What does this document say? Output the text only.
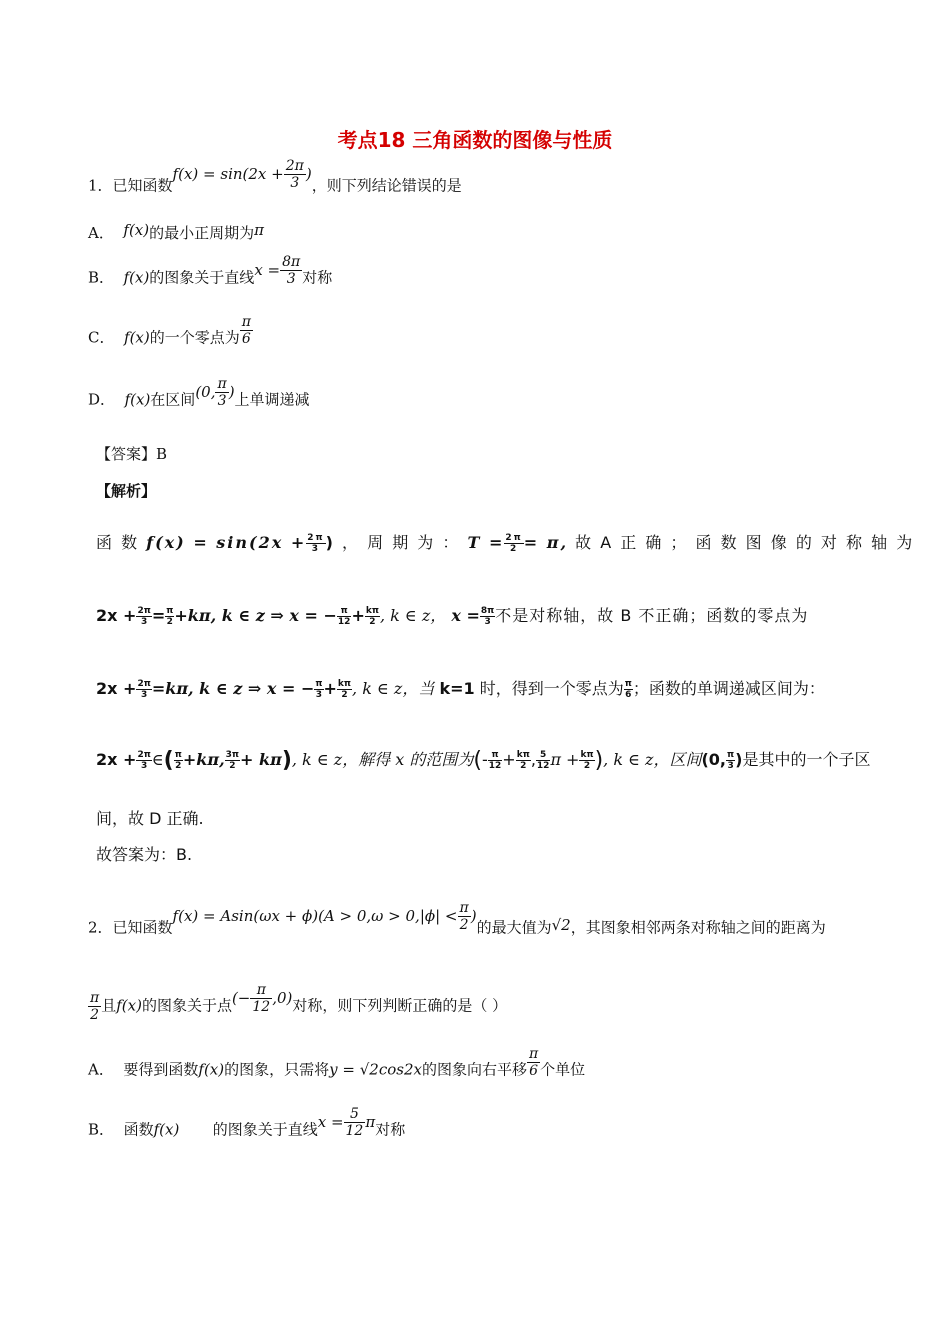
考点18 三角函数的图像与性质
1．已知函数$f(x) = \sin(2x + \frac{2\pi}{3}$ )，则下列结论错误的是
A． f(x)的最小正周期为π
B． f(x)的图象关于直线$x = \frac{8\pi}{3}$ 对称
C． f(x)的一个零点为 $\frac{\pi}{6}$
D． f(x)在区间(0, $\frac{\pi}{3}$ )上单调递减
【答案】B
【解析】
函 数 $f(x) = \sin(2x + \frac{2\pi}{3}$ ) ， 周 期 为 ： $T = \frac{2\pi}{2} = \pi$, 故 A 正 确 ； 函 数 图 像 的 对 称 轴 为
$2x + \frac{2\pi}{3} = \frac{\pi}{2} +k\pi$, k ∈ z ⇒ x = − $\frac{\pi}{12} + \frac{k\pi}{2}$ , k ∈ z， $x = \frac{8\pi}{3}$ 不是对称轴，故 B 不正确；函数的零点为
$2x + \frac{2\pi}{3} =k\pi$, k ∈ z ⇒ x = − $\frac{\pi}{3} + \frac{k\pi}{2}$ , k ∈ z，当 k=1 时，得到一个零点为 $\frac{\pi}{6}$ ；函数的单调递减区间为：
$2x + \frac{2\pi}{3}$ ∈( $\frac{\pi}{2} +k\pi$, $\frac{3\pi}{2} + k\pi$), k ∈ z，解得 x 的范围为(- $\frac{\pi}{12} + \frac{k\pi}{2}$ , $\frac{5}{12}$ $\pi + \frac{k\pi}{2}$ ), k ∈ z，区间(0, $\frac{\pi}{3}$ )是其中的一个子区
间，故 D 正确.
故答案为：B.
2．已知函数$f(x) = Asin(\omega x + \phi)(A > 0,\omega > 0,|\phi| < \frac{\pi}{2}$ )的最大值为√2，其图象相邻两条对称轴之间的距离为
$\frac{\pi}{2}$ 且f(x)的图象关于点(− $\frac{\pi}{12} ,0$)对称，则下列判断正确的是（ ）
A． 要得到函数f(x)的图象，只需将y = √2cos2x的图象向右平移 $\frac{\pi}{6}$ 个单位
B． 函数f(x) 的图象关于直线$x = \frac{5}{12}$ π对称
